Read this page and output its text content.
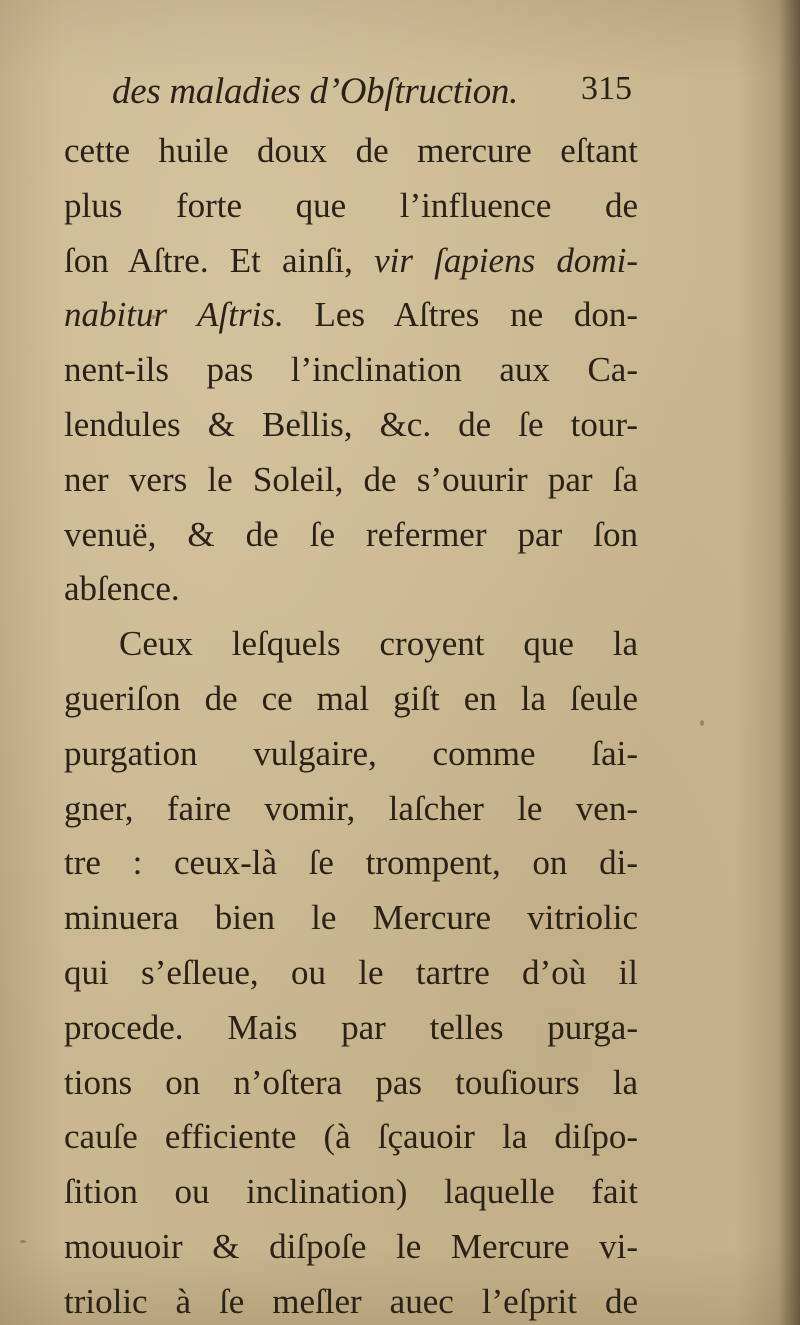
des maladies d’Obſtruction. 315
cette huile doux de mercure eſtant
plus forte que l’influence de
ſon Aſtre. Et ainſi, vir ſapiens domi-
nabitur Aſtris. Les Aſtres ne don-
nent-ils pas l’inclination aux Ca-
lendules & Bellis, &c. de ſe tour-
ner vers le Soleil, de s’ouurir par ſa
venuë, & de ſe refermer par ſon
abſence.
Ceux leſquels croyent que la
gueriſon de ce mal giſt en la ſeule
purgation vulgaire, comme ſai-
gner, faire vomir, laſcher le ven-
tre : ceux-là ſe trompent, on di-
minuera bien le Mercure vitriolic
qui s’eſleue, ou le tartre d’où il
procede. Mais par telles purga-
tions on n’oſtera pas touſiours la
cauſe efficiente (à ſçauoir la diſpo-
ſition ou inclination) laquelle fait
mouuoir & diſpoſe le Mercure vi-
triolic à ſe meſler auec l’eſprit de
